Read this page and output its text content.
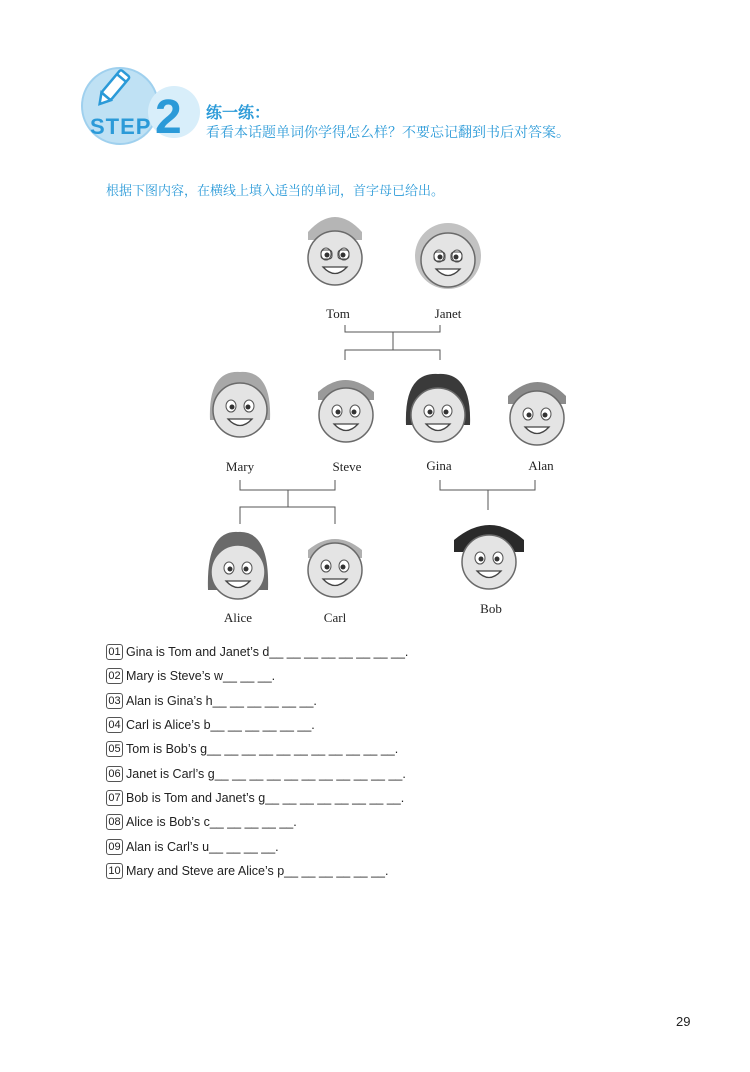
STEP 2 练一练：
看看本话题单词你学得怎么样？不要忘记翻到书后对答案。
根据下图内容，在横线上填入适当的单词，首字母已给出。
Tom	Janet
Mary	Steve	Gina	Alan
Alice	Carl
Bob
01 Gina is Tom and Janet’s d__ __ __ __ __ __ __ __.
02 Mary is Steve’s w__ __ __.
03 Alan is Gina’s h__ __ __ __ __ __.
04 Carl is Alice’s b__ __ __ __ __ __.
05 Tom is Bob’s g__ __ __ __ __ __ __ __ __ __ __.
06 Janet is Carl’s g__ __ __ __ __ __ __ __ __ __ __.
07 Bob is Tom and Janet’s g__ __ __ __ __ __ __ __.
08 Alice is Bob’s c__ __ __ __ __.
09 Alan is Carl’s u__ __ __ __.
10 Mary and Steve are Alice’s p__ __ __ __ __ __.
29
